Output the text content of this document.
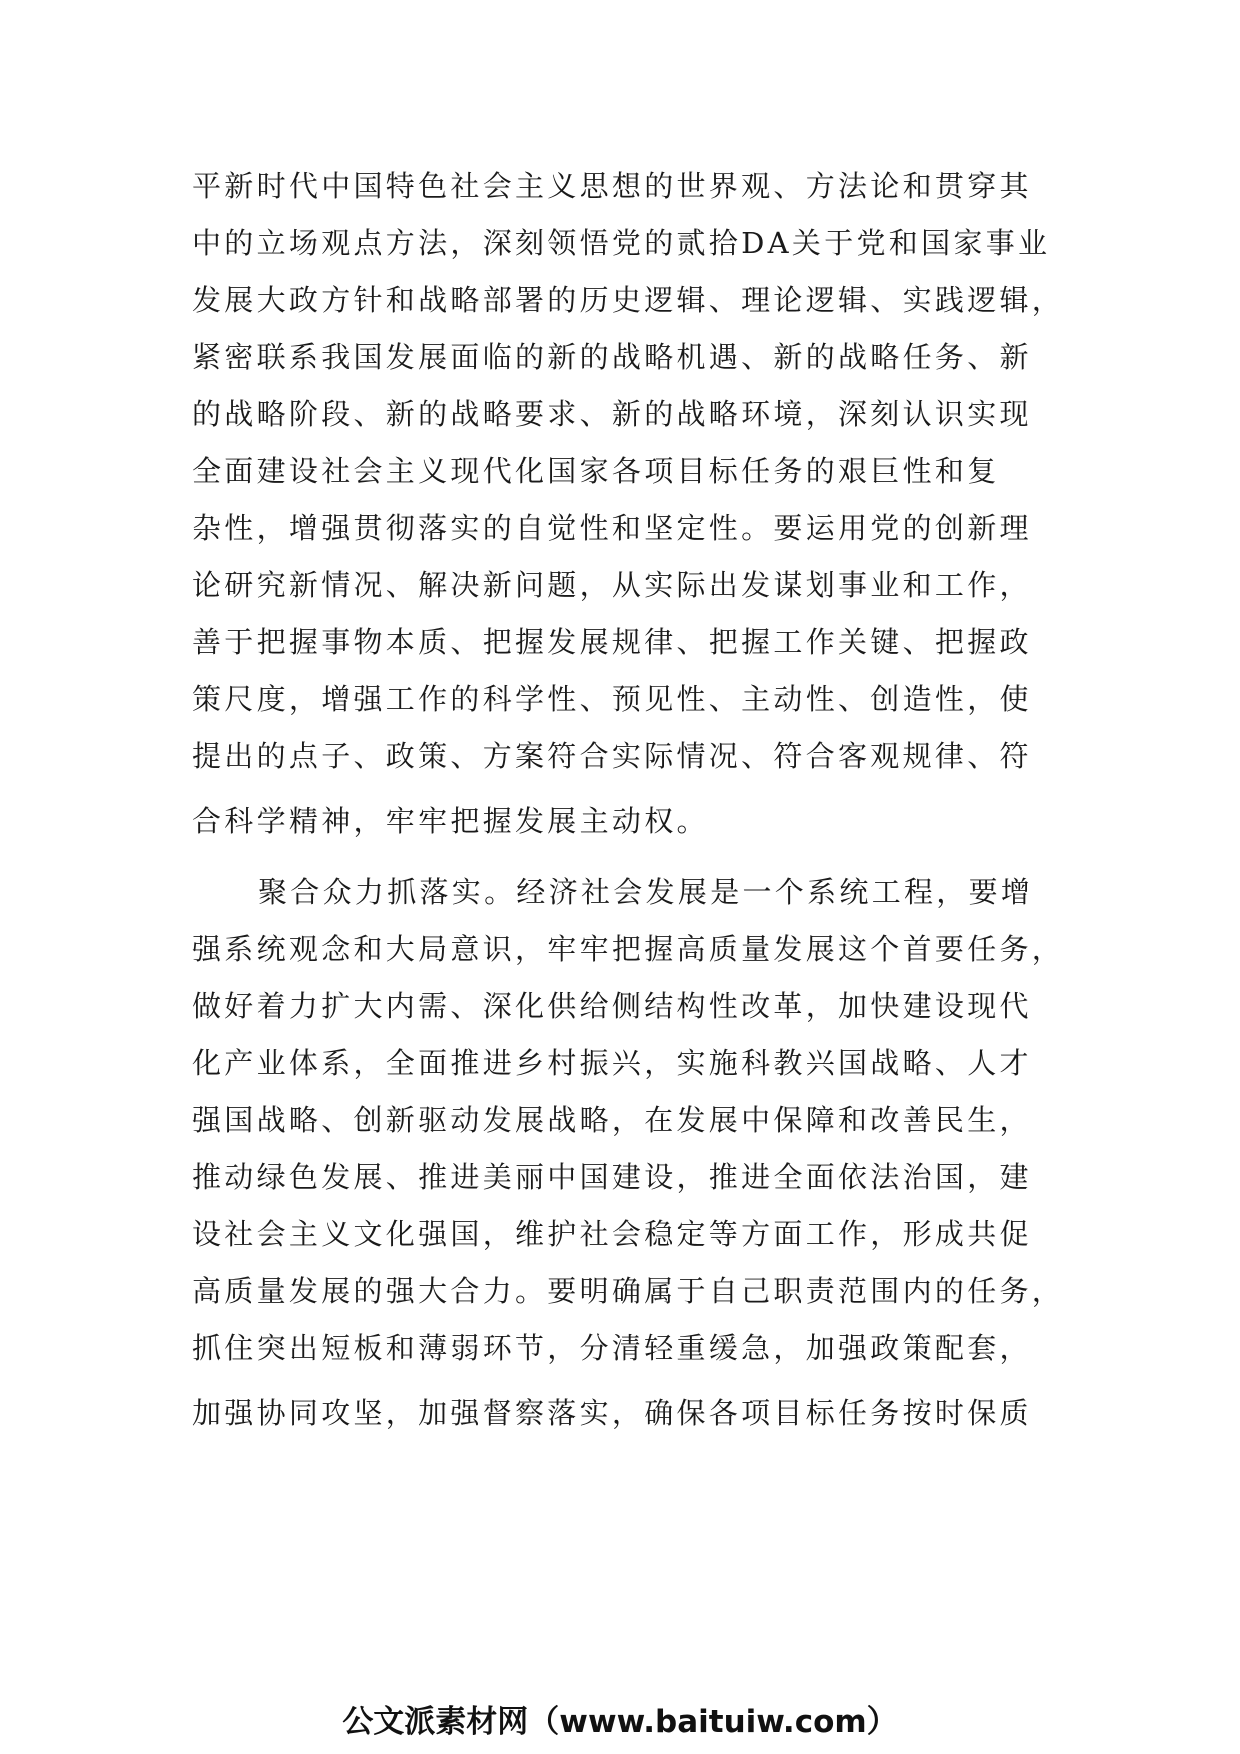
平新时代中国特色社会主义思想的世界观、方法论和贯穿其
中的立场观点方法，深刻领悟党的贰拾DA关于党和国家事业
发展大政方针和战略部署的历史逻辑、理论逻辑、实践逻辑，
紧密联系我国发展面临的新的战略机遇、新的战略任务、新
的战略阶段、新的战略要求、新的战略环境，深刻认识实现
全面建设社会主义现代化国家各项目标任务的艰巨性和复
杂性，增强贯彻落实的自觉性和坚定性。要运用党的创新理
论研究新情况、解决新问题，从实际出发谋划事业和工作，
善于把握事物本质、把握发展规律、把握工作关键、把握政
策尺度，增强工作的科学性、预见性、主动性、创造性，使
提出的点子、政策、方案符合实际情况、符合客观规律、符
合科学精神，牢牢把握发展主动权。
聚合众力抓落实。经济社会发展是一个系统工程，要增
强系统观念和大局意识，牢牢把握高质量发展这个首要任务，
做好着力扩大内需、深化供给侧结构性改革，加快建设现代
化产业体系，全面推进乡村振兴，实施科教兴国战略、人才
强国战略、创新驱动发展战略，在发展中保障和改善民生，
推动绿色发展、推进美丽中国建设，推进全面依法治国，建
设社会主义文化强国，维护社会稳定等方面工作，形成共促
高质量发展的强大合力。要明确属于自己职责范围内的任务，
抓住突出短板和薄弱环节，分清轻重缓急，加强政策配套，
加强协同攻坚，加强督察落实，确保各项目标任务按时保质
公文派素材网（www.baituiw.com）
